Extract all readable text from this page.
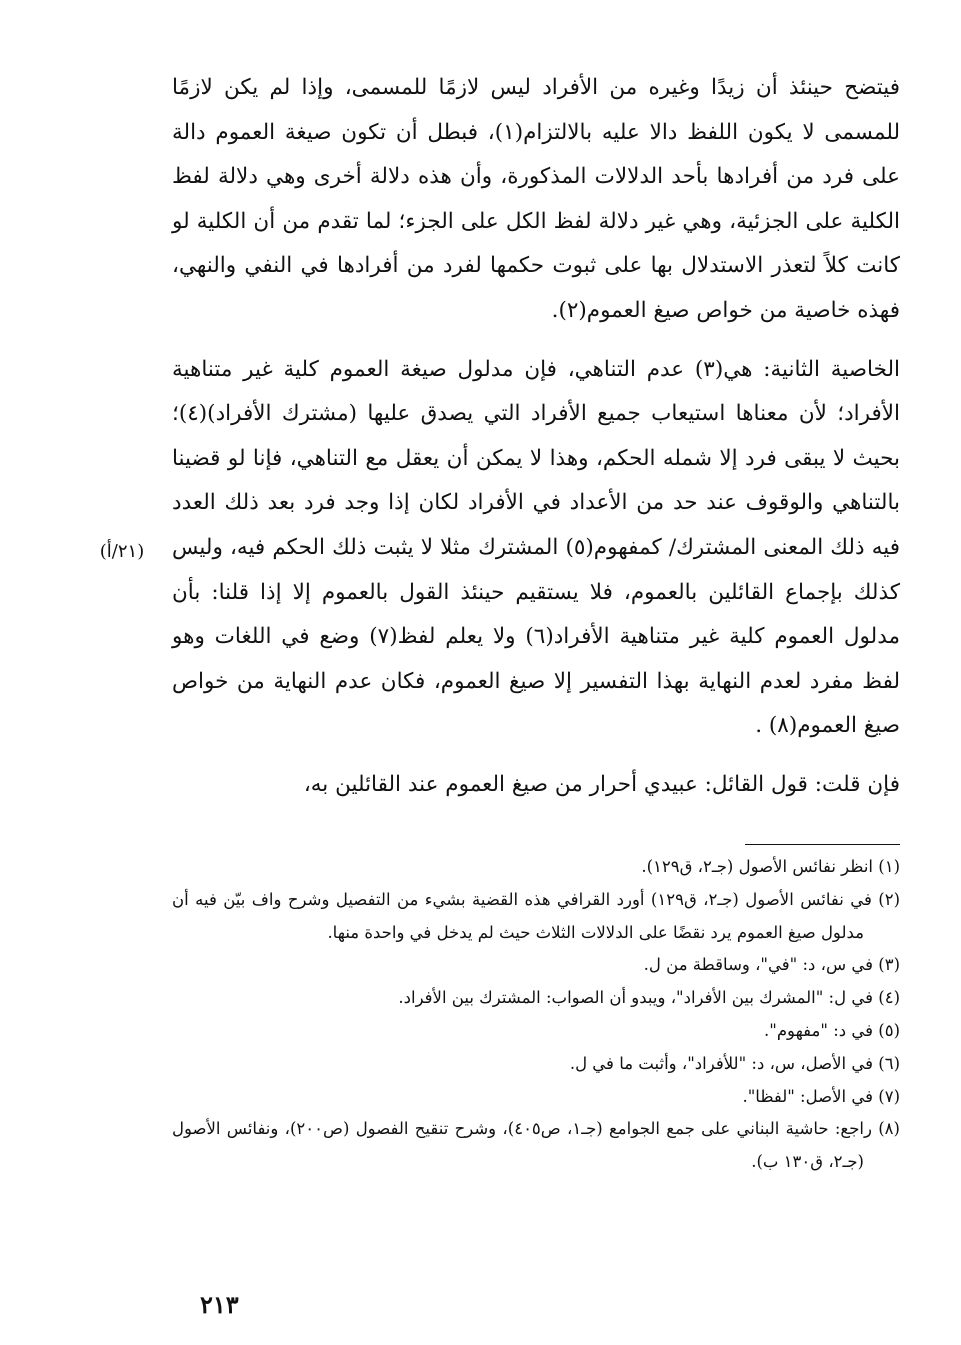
فيتضح حينئذ أن زيدًا وغيره من الأفراد ليس لازمًا للمسمى، وإذا لم يكن لازمًا للمسمى لا يكون اللفظ دالا عليه بالالتزام(١)، فبطل أن تكون صيغة العموم دالة على فرد من أفرادها بأحد الدلالات المذكورة، وأن هذه دلالة أخرى وهي دلالة لفظ الكلية على الجزئية، وهي غير دلالة لفظ الكل على الجزء؛ لما تقدم من أن الكلية لو كانت كلاً لتعذر الاستدلال بها على ثبوت حكمها لفرد من أفرادها في النفي والنهي، فهذه خاصية من خواص صيغ العموم(٢).

الخاصية الثانية: هي(٣) عدم التناهي، فإن مدلول صيغة العموم كلية غير متناهية الأفراد؛ لأن معناها استيعاب جميع الأفراد التي يصدق عليها (مشترك الأفراد)(٤)؛ بحيث لا يبقى فرد إلا شمله الحكم، وهذا لا يمكن أن يعقل مع التناهي، فإنا لو قضينا بالتناهي والوقوف عند حد من الأعداد في الأفراد لكان إذا وجد فرد بعد ذلك العدد فيه ذلك المعنى المشترك/ كمفهوم(٥) المشترك مثلا لا يثبت ذلك الحكم فيه، وليس كذلك بإجماع القائلين بالعموم، فلا يستقيم حينئذ القول بالعموم إلا إذا قلنا: بأن مدلول العموم كلية غير متناهية الأفراد(٦) ولا يعلم لفظ(٧) وضع في اللغات وهو لفظ مفرد لعدم النهاية بهذا التفسير إلا صيغ العموم، فكان عدم النهاية من خواص صيغ العموم(٨) .

فإن قلت: قول القائل: عبيدي أحرار من صيغ العموم عند القائلين به،

(٢١/أ)

(١) انظر نفائس الأصول (جـ٢، ق١٢٩).

(٢) في نفائس الأصول (جـ٢، ق١٢٩) أورد القرافي هذه القضية بشيء من التفصيل وشرح واف بيّن فيه أن مدلول صيغ العموم يرد نقضًا على الدلالات الثلاث حيث لم يدخل في واحدة منها.

(٣) في س، د: "في"، وساقطة من ل.

(٤) في ل: "المشرك بين الأفراد"، ويبدو أن الصواب: المشترك بين الأفراد.

(٥) في د: "مفهوم".

(٦) في الأصل، س، د: "للأفراد"، وأثبت ما في ل.

(٧) في الأصل: "لفظا".

(٨) راجع: حاشية البناني على جمع الجوامع (جـ١، ص٤٠٥)، وشرح تنقيح الفصول (ص٢٠٠)، ونفائس الأصول (جـ٢، ق١٣٠ ب).

٢١٣
